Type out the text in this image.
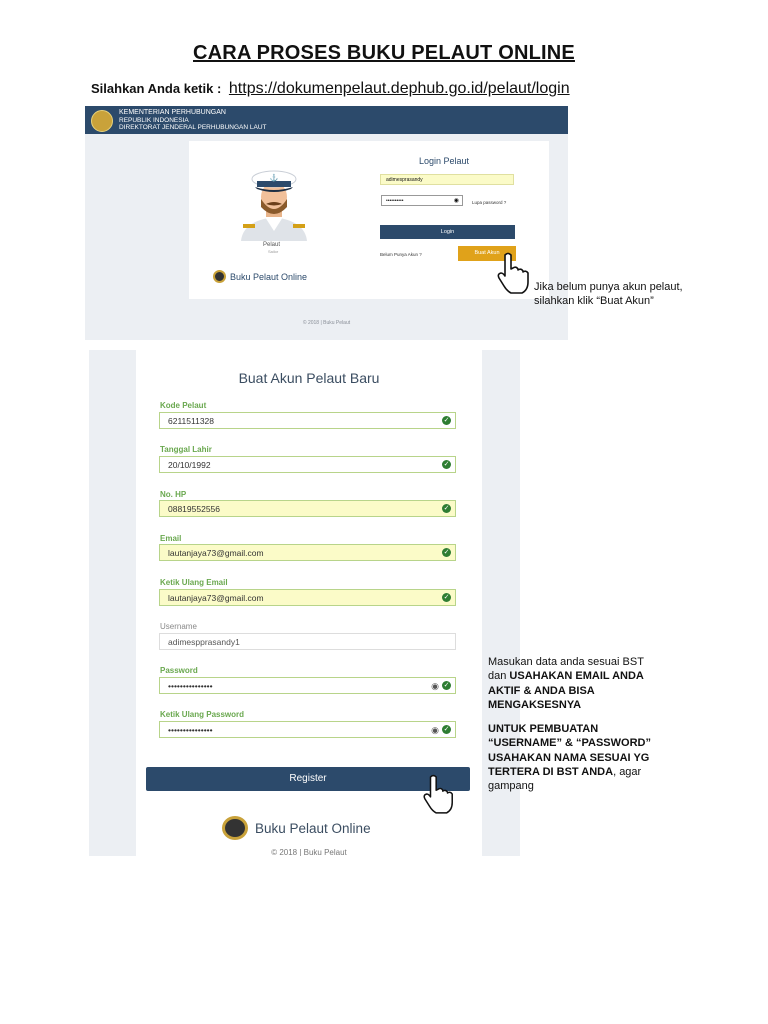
CARA PROSES BUKU PELAUT ONLINE
Silahkan Anda ketik : https://dokumenpelaut.dephub.go.id/pelaut/login
KEMENTERIAN PERHUBUNGAN
REPUBLIK INDONESIA
DIREKTORAT JENDERAL PERHUBUNGAN LAUT
⚓
Pelaut
Sailor
Buku Pelaut Online
Login Pelaut
adimesprasandy
••••••••••	◉	Lupa password ?
Login
Belum Punya Akun ?	Buat Akun
© 2018 | Buku Pelaut
Jika belum punya akun pelaut, silahkan klik “Buat Akun”
Buat Akun Pelaut Baru
Kode Pelaut
6211511328	✓
Tanggal Lahir
20/10/1992	✓
No. HP
08819552556	✓
Email
lautanjaya73@gmail.com	✓
Ketik Ulang Email
lautanjaya73@gmail.com	✓
Username
adimespprasandy1
Password
•••••••••••••••	◉ ✓
Ketik Ulang Password
•••••••••••••••	◉ ✓
Register
Buku Pelaut Online
© 2018 | Buku Pelaut
Masukan data anda sesuai BST dan USAHAKAN EMAIL ANDA AKTIF & ANDA BISA MENGAKSESNYA
UNTUK PEMBUATAN “USERNAME” & “PASSWORD” USAHAKAN NAMA SESUAI YG TERTERA DI BST ANDA, agar gampang
